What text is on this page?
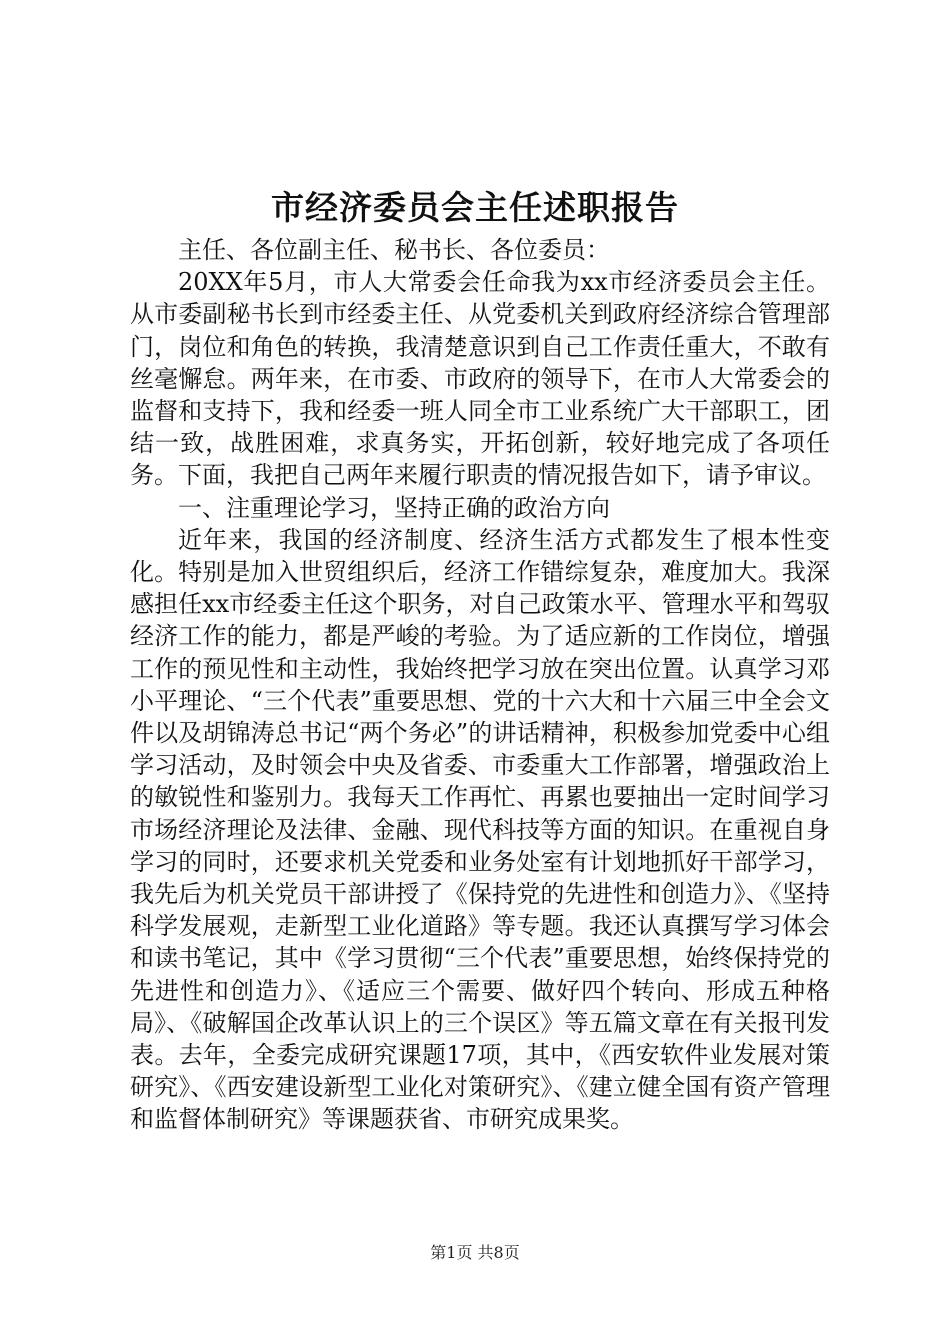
市经济委员会主任述职报告

主任、各位副主任、秘书长、各位委员：

20XX年5月，市人大常委会任命我为xx市经济委员会主任。从市委副秘书长到市经委主任、从党委机关到政府经济综合管理部门，岗位和角色的转换，我清楚意识到自己工作责任重大，不敢有丝毫懈怠。两年来，在市委、市政府的领导下，在市人大常委会的监督和支持下，我和经委一班人同全市工业系统广大干部职工，团结一致，战胜困难，求真务实，开拓创新，较好地完成了各项任务。下面，我把自己两年来履行职责的情况报告如下，请予审议。

一、注重理论学习，坚持正确的政治方向

近年来，我国的经济制度、经济生活方式都发生了根本性变化。特别是加入世贸组织后，经济工作错综复杂，难度加大。我深感担任xx市经委主任这个职务，对自己政策水平、管理水平和驾驭经济工作的能力，都是严峻的考验。为了适应新的工作岗位，增强工作的预见性和主动性，我始终把学习放在突出位置。认真学习邓小平理论、“三个代表”重要思想、党的十六大和十六届三中全会文件以及胡锦涛总书记“两个务必”的讲话精神，积极参加党委中心组学习活动，及时领会中央及省委、市委重大工作部署，增强政治上的敏锐性和鉴别力。我每天工作再忙、再累也要抽出一定时间学习市场经济理论及法律、金融、现代科技等方面的知识。在重视自身学习的同时，还要求机关党委和业务处室有计划地抓好干部学习，我先后为机关党员干部讲授了《保持党的先进性和创造力》、《坚持科学发展观，走新型工业化道路》等专题。我还认真撰写学习体会和读书笔记，其中《学习贯彻“三个代表”重要思想，始终保持党的先进性和创造力》、《适应三个需要、做好四个转向、形成五种格局》、《破解国企改革认识上的三个误区》等五篇文章在有关报刊发表。去年，全委完成研究课题17项，其中，《西安软件业发展对策研究》、《西安建设新型工业化对策研究》、《建立健全国有资产管理和监督体制研究》等课题获省、市研究成果奖。

第1页 共8页
